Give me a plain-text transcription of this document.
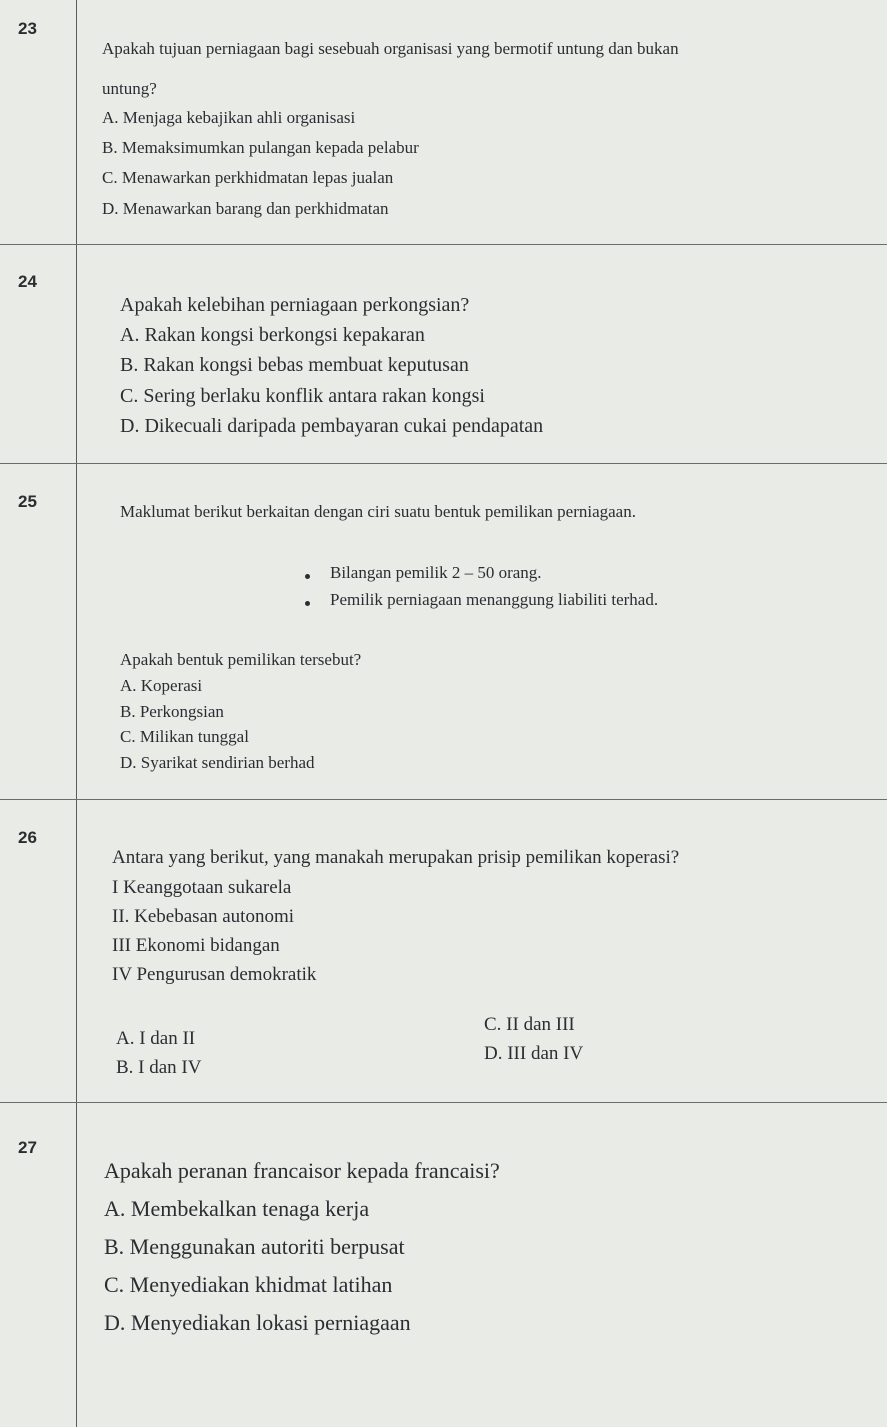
23
Apakah tujuan perniagaan bagi sesebuah organisasi yang bermotif untung dan bukan
untung?
A. Menjaga kebajikan ahli organisasi
B. Memaksimumkan pulangan kepada pelabur
C. Menawarkan perkhidmatan lepas jualan
D. Menawarkan barang dan perkhidmatan
24
Apakah kelebihan perniagaan perkongsian?
A. Rakan kongsi berkongsi kepakaran
B. Rakan kongsi bebas membuat keputusan
C. Sering berlaku konflik antara rakan kongsi
D. Dikecuali daripada pembayaran cukai pendapatan
25
Maklumat berikut berkaitan dengan ciri suatu bentuk pemilikan perniagaan.
Bilangan pemilik 2 – 50 orang.
Pemilik perniagaan menanggung liabiliti terhad.
Apakah bentuk pemilikan tersebut?
A. Koperasi
B. Perkongsian
C. Milikan tunggal
D. Syarikat sendirian berhad
26
Antara yang berikut, yang manakah merupakan prisip pemilikan koperasi?
I Keanggotaan sukarela
II. Kebebasan autonomi
III Ekonomi bidangan
IV Pengurusan demokratik
A. I dan II
C. II dan III
B. I dan IV
D. III dan IV
27
Apakah peranan francaisor kepada francaisi?
A. Membekalkan tenaga kerja
B. Menggunakan autoriti berpusat
C. Menyediakan khidmat latihan
D. Menyediakan lokasi perniagaan
